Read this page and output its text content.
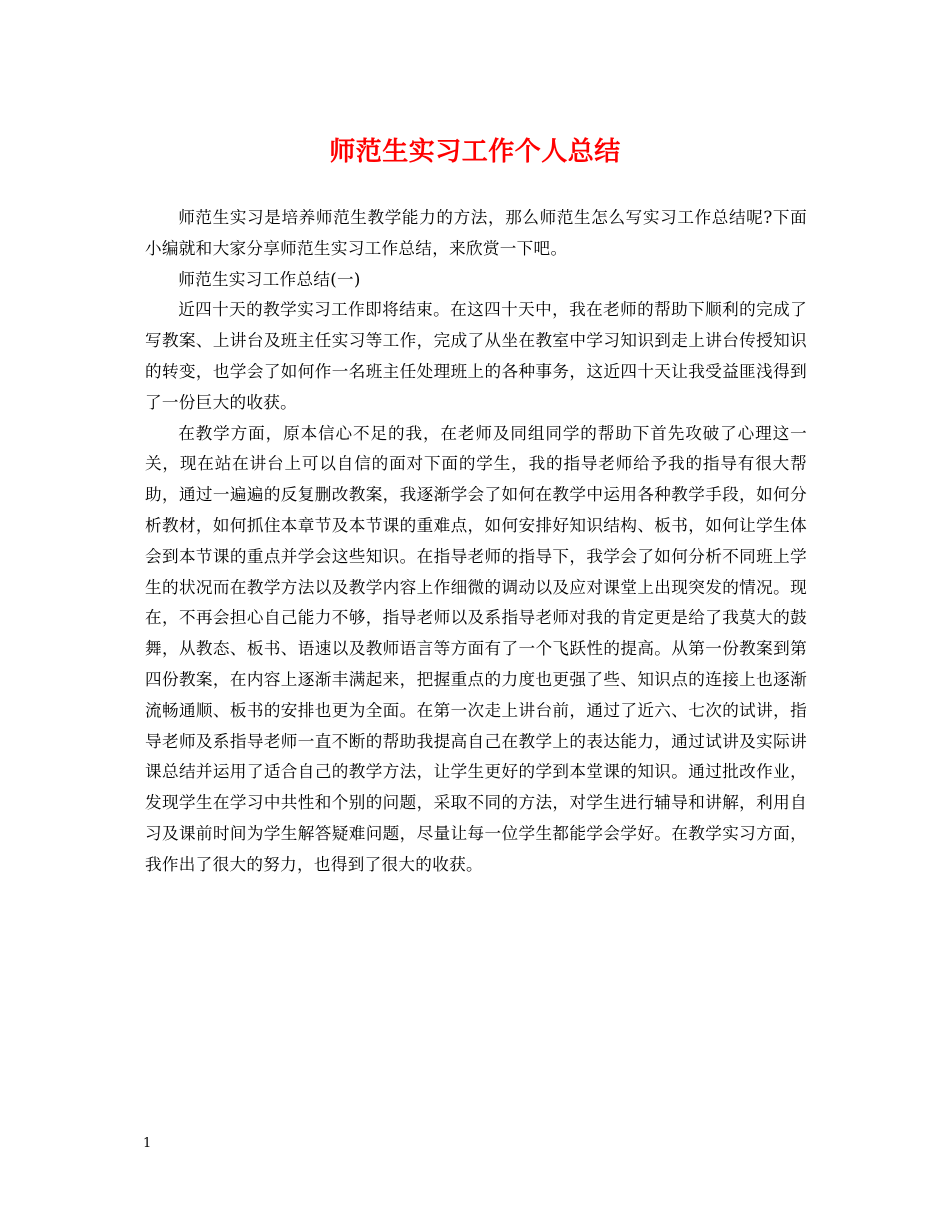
师范生实习工作个人总结

师范生实习是培养师范生教学能力的方法，那么师范生怎么写实习工作总结呢?下面小编就和大家分享师范生实习工作总结，来欣赏一下吧。

师范生实习工作总结(一)

近四十天的教学实习工作即将结束。在这四十天中，我在老师的帮助下顺利的完成了写教案、上讲台及班主任实习等工作，完成了从坐在教室中学习知识到走上讲台传授知识的转变，也学会了如何作一名班主任处理班上的各种事务，这近四十天让我受益匪浅得到了一份巨大的收获。

在教学方面，原本信心不足的我，在老师及同组同学的帮助下首先攻破了心理这一关，现在站在讲台上可以自信的面对下面的学生，我的指导老师给予我的指导有很大帮助，通过一遍遍的反复删改教案，我逐渐学会了如何在教学中运用各种教学手段，如何分析教材，如何抓住本章节及本节课的重难点，如何安排好知识结构、板书，如何让学生体会到本节课的重点并学会这些知识。在指导老师的指导下，我学会了如何分析不同班上学生的状况而在教学方法以及教学内容上作细微的调动以及应对课堂上出现突发的情况。现在，不再会担心自己能力不够，指导老师以及系指导老师对我的肯定更是给了我莫大的鼓舞，从教态、板书、语速以及教师语言等方面有了一个飞跃性的提高。从第一份教案到第四份教案，在内容上逐渐丰满起来，把握重点的力度也更强了些、知识点的连接上也逐渐流畅通顺、板书的安排也更为全面。在第一次走上讲台前，通过了近六、七次的试讲，指导老师及系指导老师一直不断的帮助我提高自己在教学上的表达能力，通过试讲及实际讲课总结并运用了适合自己的教学方法，让学生更好的学到本堂课的知识。通过批改作业，发现学生在学习中共性和个别的问题，采取不同的方法，对学生进行辅导和讲解，利用自习及课前时间为学生解答疑难问题，尽量让每一位学生都能学会学好。在教学实习方面，我作出了很大的努力，也得到了很大的收获。

1
